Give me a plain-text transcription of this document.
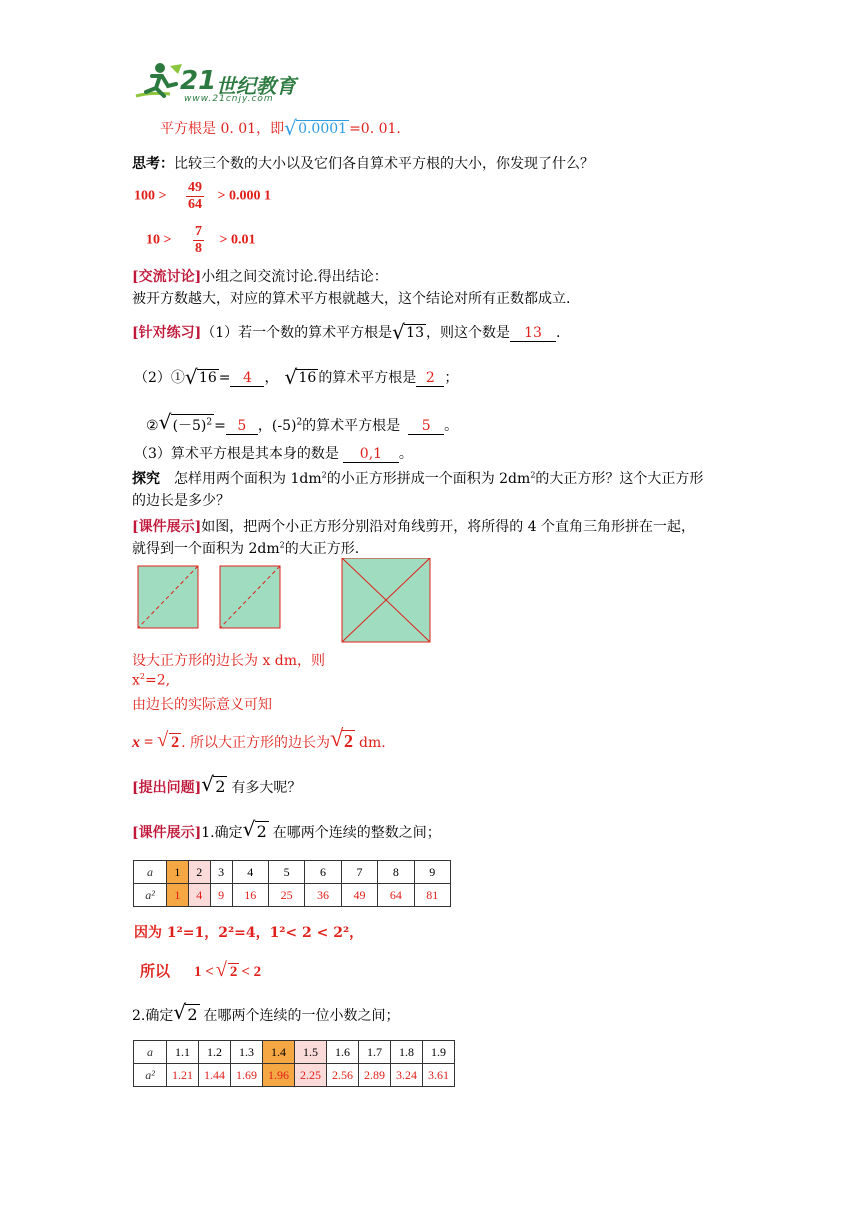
21 世纪教育
www.21cnjy.com
平方根是 0. 01，即 √ 0.0001 =0. 01.
思考：比较三个数的大小以及它们各自算术平方根的大小，你发现了什么？
$100 > \frac{49}{64} > 0.000$ 1
$10 > \frac{7}{8} > 0.01$
[交流讨论]小组之间交流讨论.得出结论：
被开方数越大，对应的算术平方根就越大，这个结论对所有正数都成立.
[针对练习]（1）若一个数的算术平方根是 √ 13 ，则这个数是 13 .
（2）① √ 16 = 4 ， √ 16 的算术平方根是 2 ；
② √ $(-5)^2 = 5$ ，$(-5)^2$的算术平方根是 5 。
（3）算术平方根是其本身的数是 0,1 。
探究 怎样用两个面积为 $1dm^2$的小正方形拼成一个面积为 $2dm^2$的大正方形？这个大正方形
的边长是多少？
[课件展示]如图，把两个小正方形分别沿对角线剪开，将所得的 4 个直角三角形拼在一起，
就得到一个面积为 $2dm^2$的大正方形.
设大正方形的边长为 x dm，则
$x^2=2$,
由边长的实际意义可知
x = √ 2 . 所以大正方形的边长为 √ 2 dm.
[提出问题] √ 2 有多大呢？
[课件展示]1.确定 √ 2 在哪两个连续的整数之间；
a	1	2	3	4	5	6	7	8	9
a²	1	4	9	16	25	36	49	64	81
因为 1²=1，2²=4，1²< 2 < 2²，
所以 1 < √ 2 < 2
2.确定 √ 2 在哪两个连续的一位小数之间；
a	1.1	1.2	1.3	1.4	1.5	1.6	1.7	1.8	1.9
a²	1.21	1.44	1.69	1.96	2.25	2.56	2.89	3.24	3.61
